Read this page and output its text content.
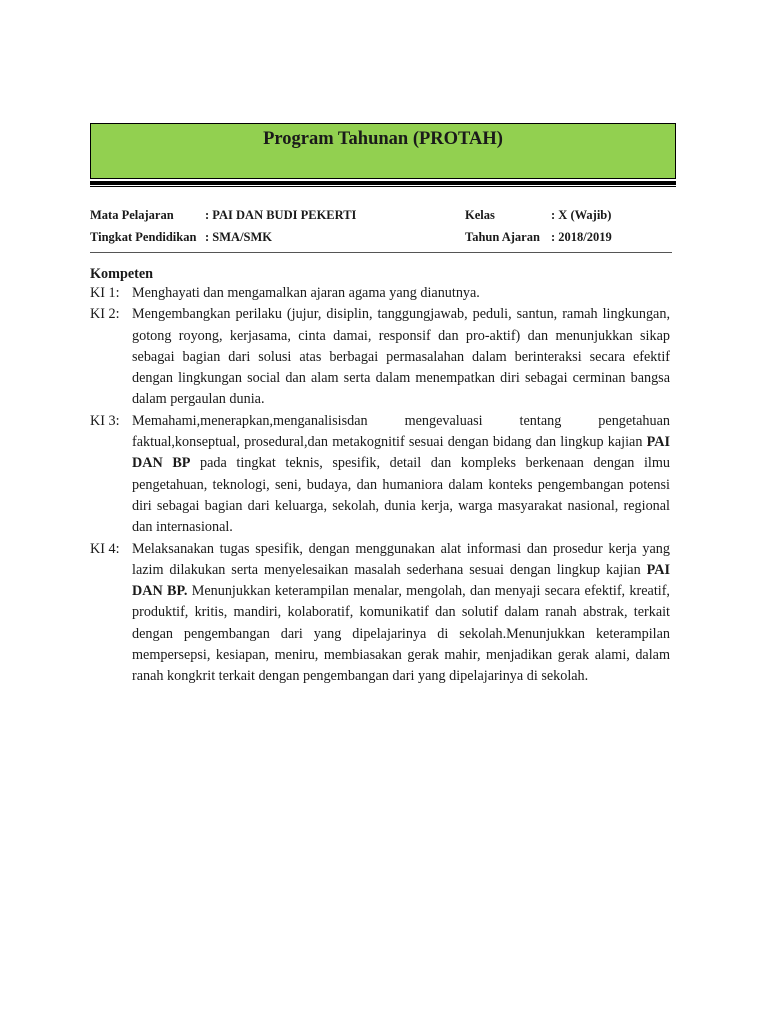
Program Tahunan (PROTAH)
Mata Pelajaran	: PAI DAN BUDI PEKERTI	Kelas	: X (Wajib)
Tingkat Pendidikan : SMA/SMK	Tahun Ajaran : 2018/2019
Kompeten
KI 1: Menghayati dan mengamalkan ajaran agama yang dianutnya.
KI 2: Mengembangkan perilaku (jujur, disiplin, tanggungjawab, peduli, santun, ramah lingkungan, gotong royong, kerjasama, cinta damai, responsif dan pro-aktif) dan menunjukkan sikap sebagai bagian dari solusi atas berbagai permasalahan dalam berinteraksi secara efektif dengan lingkungan social dan alam serta dalam menempatkan diri sebagai cerminan bangsa dalam pergaulan dunia.
KI 3: Memahami,menerapkan,menganalisisdan mengevaluasi tentang pengetahuan faktual,konseptual, prosedural,dan metakognitif sesuai dengan bidang dan lingkup kajian PAI DAN BP pada tingkat teknis, spesifik, detail dan kompleks berkenaan dengan ilmu pengetahuan, teknologi, seni, budaya, dan humaniora dalam konteks pengembangan potensi diri sebagai bagian dari keluarga, sekolah, dunia kerja, warga masyarakat nasional, regional dan internasional.
KI 4: Melaksanakan tugas spesifik, dengan menggunakan alat informasi dan prosedur kerja yang lazim dilakukan serta menyelesaikan masalah sederhana sesuai dengan lingkup kajian PAI DAN BP. Menunjukkan keterampilan menalar, mengolah, dan menyaji secara efektif, kreatif, produktif, kritis, mandiri, kolaboratif, komunikatif dan solutif dalam ranah abstrak, terkait dengan pengembangan dari yang dipelajarinya di sekolah.Menunjukkan keterampilan mempersepsi, kesiapan, meniru, membiasakan gerak mahir, menjadikan gerak alami, dalam ranah kongkrit terkait dengan pengembangan dari yang dipelajarinya di sekolah.
